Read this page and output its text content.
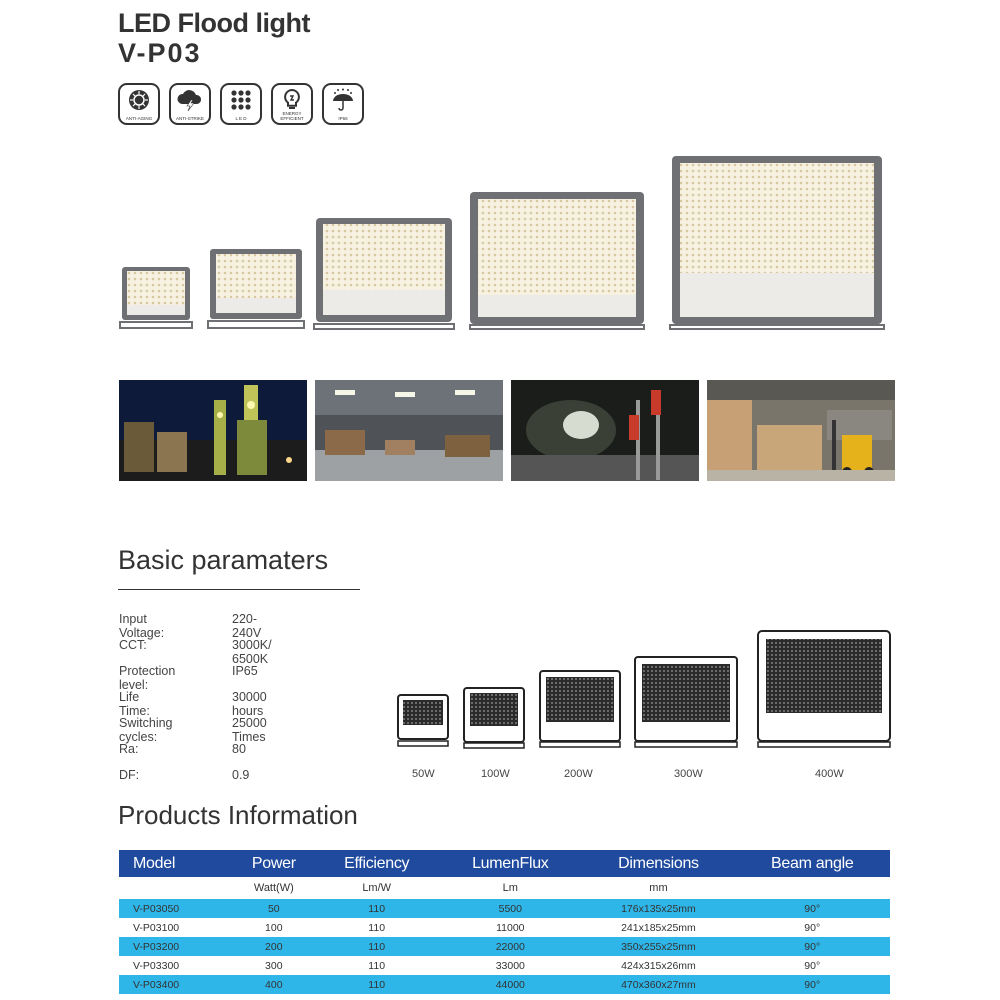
LED Flood light
V-P03
ANTI-AGING	ANTI-STRIKE	L E D
ENERGY EFFICIENT	IP66
Basic paramaters
Input Voltage:
220-240V
CCT:	3000K/ 6500K
Protection level:
IP65
Life Time:
30000 hours
Switching cycles:
25000 Times
Ra:	80
DF:	0.9	50W	100W	200W	300W	400W
Products Information
Model	Power	Efficiency	LumenFlux	Dimensions	Beam angle
	Watt(W)	Lm/W	Lm	mm	
V-P03050	50	110	5500	176x135x25mm	90°
V-P03100	100	110	11000	241x185x25mm	90°
V-P03200	200	110	22000	350x255x25mm	90°
V-P03300	300	110	33000	424x315x26mm	90°
V-P03400	400	110	44000	470x360x27mm	90°
